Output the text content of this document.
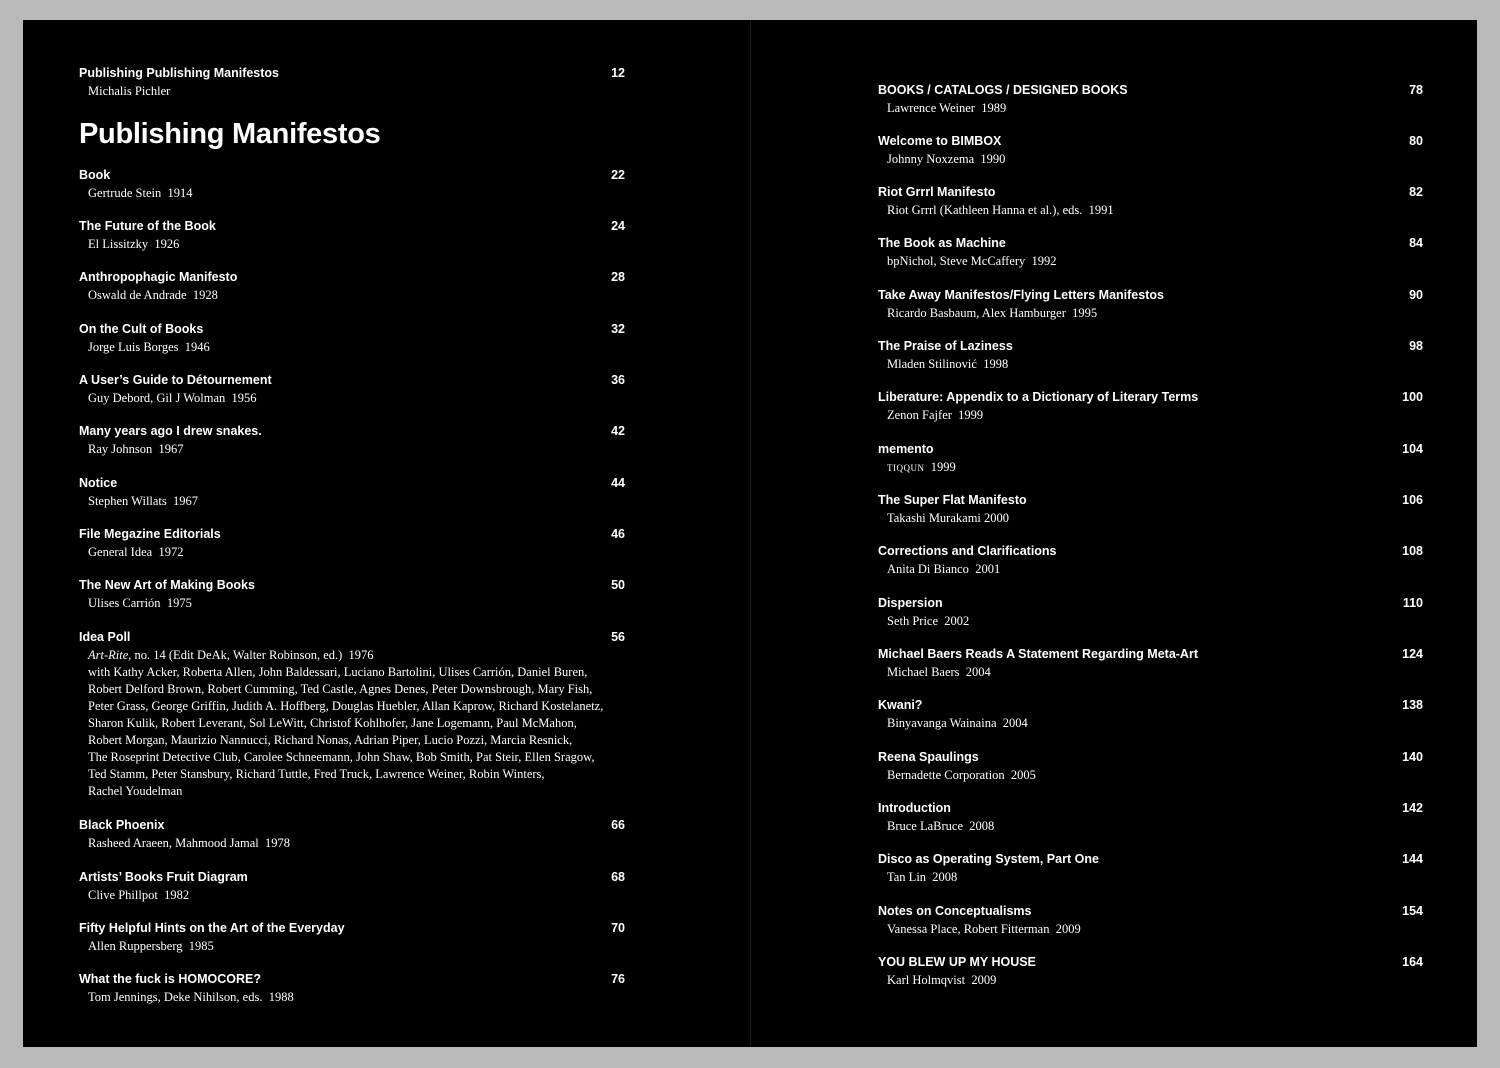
Publishing Publishing Manifestos	12
Michalis Pichler
Publishing Manifestos
Book	22
Gertrude Stein 1914
The Future of the Book	24
El Lissitzky 1926
Anthropophagic Manifesto	28
Oswald de Andrade 1928
On the Cult of Books	32
Jorge Luis Borges 1946
A User’s Guide to Détournement	36
Guy Debord, Gil J Wolman 1956
Many years ago I drew snakes.	42
Ray Johnson 1967
Notice	44
Stephen Willats 1967
File Megazine Editorials	46
General Idea 1972
The New Art of Making Books	50
Ulises Carrión 1975
Idea Poll	56
Art-Rite, no. 14 (Edit DeAk, Walter Robinson, ed.) 1976
with Kathy Acker, Roberta Allen, John Baldessari, Luciano Bartolini, Ulises Carrión, Daniel Buren,
Robert Delford Brown, Robert Cumming, Ted Castle, Agnes Denes, Peter Downsbrough, Mary Fish,
Peter Grass, George Griffin, Judith A. Hoffberg, Douglas Huebler, Allan Kaprow, Richard Kostelanetz,
Sharon Kulik, Robert Leverant, Sol LeWitt, Christof Kohlhofer, Jane Logemann, Paul McMahon,
Robert Morgan, Maurizio Nannucci, Richard Nonas, Adrian Piper, Lucio Pozzi, Marcia Resnick,
The Roseprint Detective Club, Carolee Schneemann, John Shaw, Bob Smith, Pat Steir, Ellen Sragow,
Ted Stamm, Peter Stansbury, Richard Tuttle, Fred Truck, Lawrence Weiner, Robin Winters,
Rachel Youdelman
Black Phoenix	66
Rasheed Araeen, Mahmood Jamal 1978
Artists’ Books Fruit Diagram	68
Clive Phillpot 1982
Fifty Helpful Hints on the Art of the Everyday	70
Allen Ruppersberg 1985
What the fuck is HOMOCORE?	76
Tom Jennings, Deke Nihilson, eds. 1988
BOOKS / CATALOGS / DESIGNED BOOKS	78
Lawrence Weiner 1989
Welcome to BIMBOX	80
Johnny Noxzema 1990
Riot Grrrl Manifesto	82
Riot Grrrl (Kathleen Hanna et al.), eds. 1991
The Book as Machine	84
bpNichol, Steve McCaffery 1992
Take Away Manifestos/Flying Letters Manifestos	90
Ricardo Basbaum, Alex Hamburger 1995
The Praise of Laziness	98
Mladen Stilinović 1998
Liberature: Appendix to a Dictionary of Literary Terms	100
Zenon Fajfer 1999
memento	104
tiqqun 1999
The Super Flat Manifesto	106
Takashi Murakami 2000
Corrections and Clarifications	108
Anita Di Bianco 2001
Dispersion	110
Seth Price 2002
Michael Baers Reads A Statement Regarding Meta-Art	124
Michael Baers 2004
Kwani?	138
Binyavanga Wainaina 2004
Reena Spaulings	140
Bernadette Corporation 2005
Introduction	142
Bruce LaBruce 2008
Disco as Operating System, Part One	144
Tan Lin 2008
Notes on Conceptualisms	154
Vanessa Place, Robert Fitterman 2009
YOU BLEW UP MY HOUSE	164
Karl Holmqvist 2009
